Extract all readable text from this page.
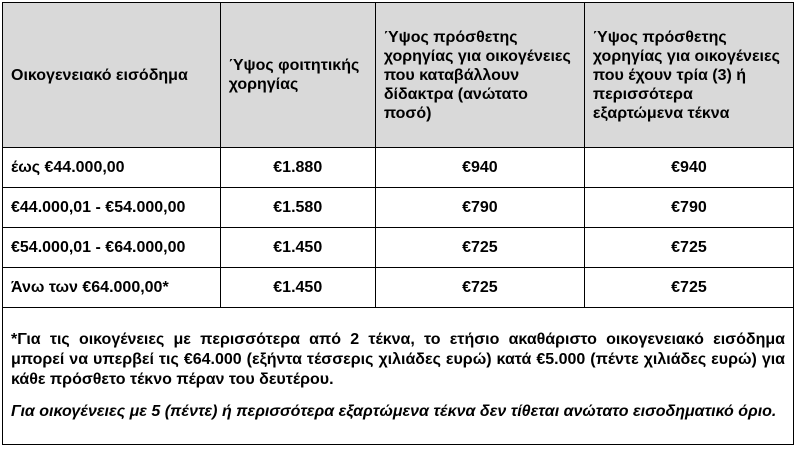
Οικογενειακό εισόδημα	Ύψος φοιτητικής χορηγίας	Ύψος πρόσθετης χορηγίας για οικογένειες που καταβάλλουν δίδακτρα (ανώτατο ποσό)	Ύψος πρόσθετης χορηγίας για οικογένειες που έχουν τρία (3) ή περισσότερα εξαρτώμενα τέκνα
έως €44.000,00	€1.880	€940	€940
€44.000,01 - €54.000,00	€1.580	€790	€790
€54.000,01 - €64.000,00	€1.450	€725	€725
Άνω των €64.000,00*	€1.450	€725	€725

*Για τις οικογένειες με περισσότερα από 2 τέκνα, το ετήσιο ακαθάριστο οικογενειακό εισόδημα μπορεί να υπερβεί τις €64.000 (εξήντα τέσσερις χιλιάδες ευρώ) κατά €5.000 (πέντε χιλιάδες ευρώ) για κάθε πρόσθετο τέκνο πέραν του δευτέρου.

Για οικογένειες με 5 (πέντε) ή περισσότερα εξαρτώμενα τέκνα δεν τίθεται ανώτατο εισοδηματικό όριο.			
